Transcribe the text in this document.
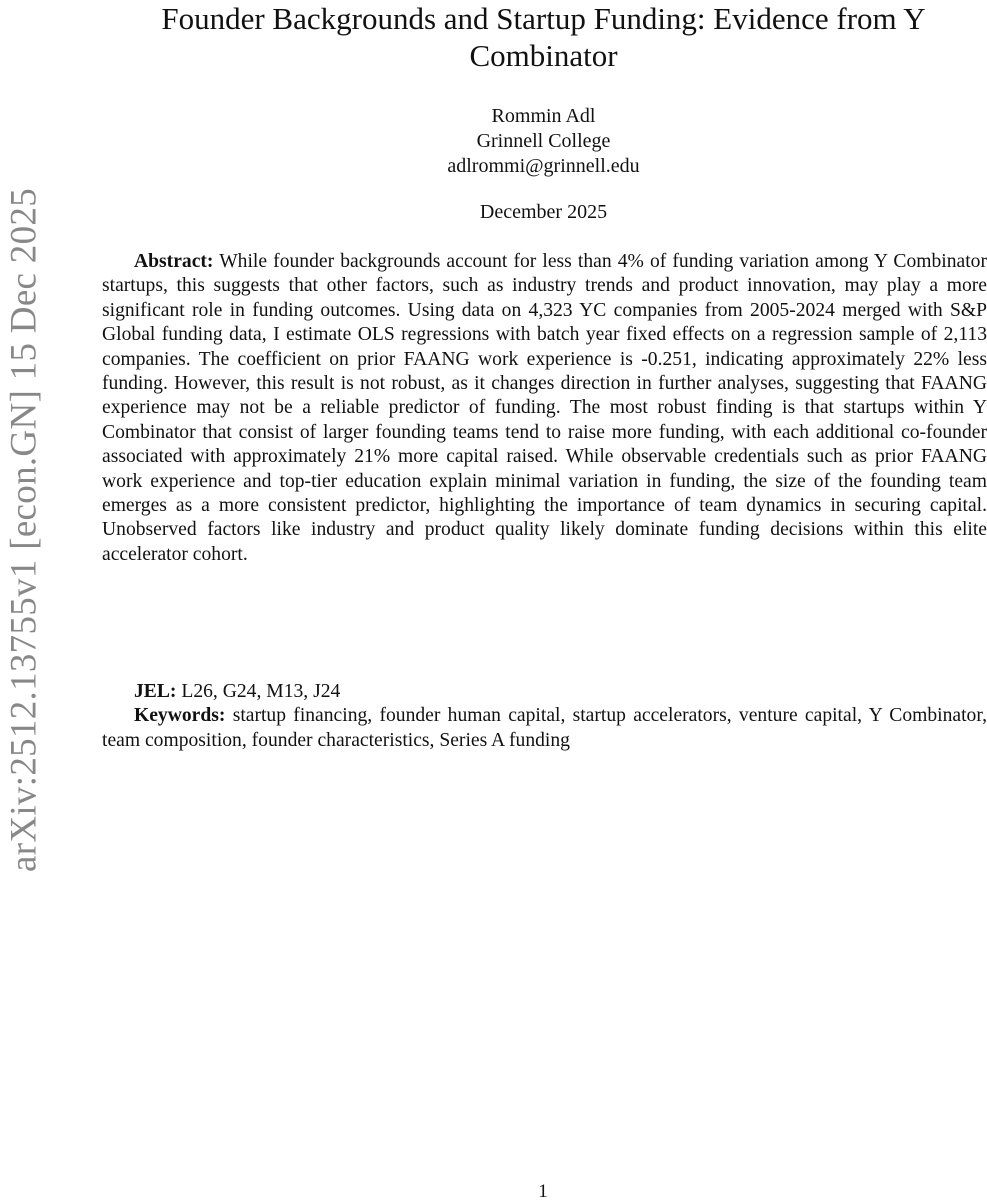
arXiv:2512.13755v1 [econ.GN] 15 Dec 2025
Founder Backgrounds and Startup Funding: Evidence from Y Combinator
Rommin Adl
Grinnell College
adlrommi@grinnell.edu
December 2025

Abstract: While founder backgrounds account for less than 4% of funding variation among Y Combinator startups, this suggests that other factors, such as industry trends and product innovation, may play a more significant role in funding outcomes. Using data on 4,323 YC companies from 2005-2024 merged with S&P Global funding data, I estimate OLS regressions with batch year fixed effects on a regression sample of 2,113 companies. The coefficient on prior FAANG work experience is -0.251, indicating approximately 22% less funding. However, this result is not robust, as it changes direction in further analyses, suggesting that FAANG experience may not be a reliable predictor of funding. The most robust finding is that startups within Y Combinator that consist of larger founding teams tend to raise more funding, with each additional co-founder associated with approximately 21% more capital raised. While observable credentials such as prior FAANG work experience and top-tier education explain minimal variation in funding, the size of the founding team emerges as a more consistent predictor, highlighting the importance of team dynamics in securing capital. Unobserved factors like industry and product quality likely dominate funding decisions within this elite accelerator cohort.

JEL: L26, G24, M13, J24

Keywords: startup financing, founder human capital, startup accelerators, venture capital, Y Combinator, team composition, founder characteristics, Series A funding

1
